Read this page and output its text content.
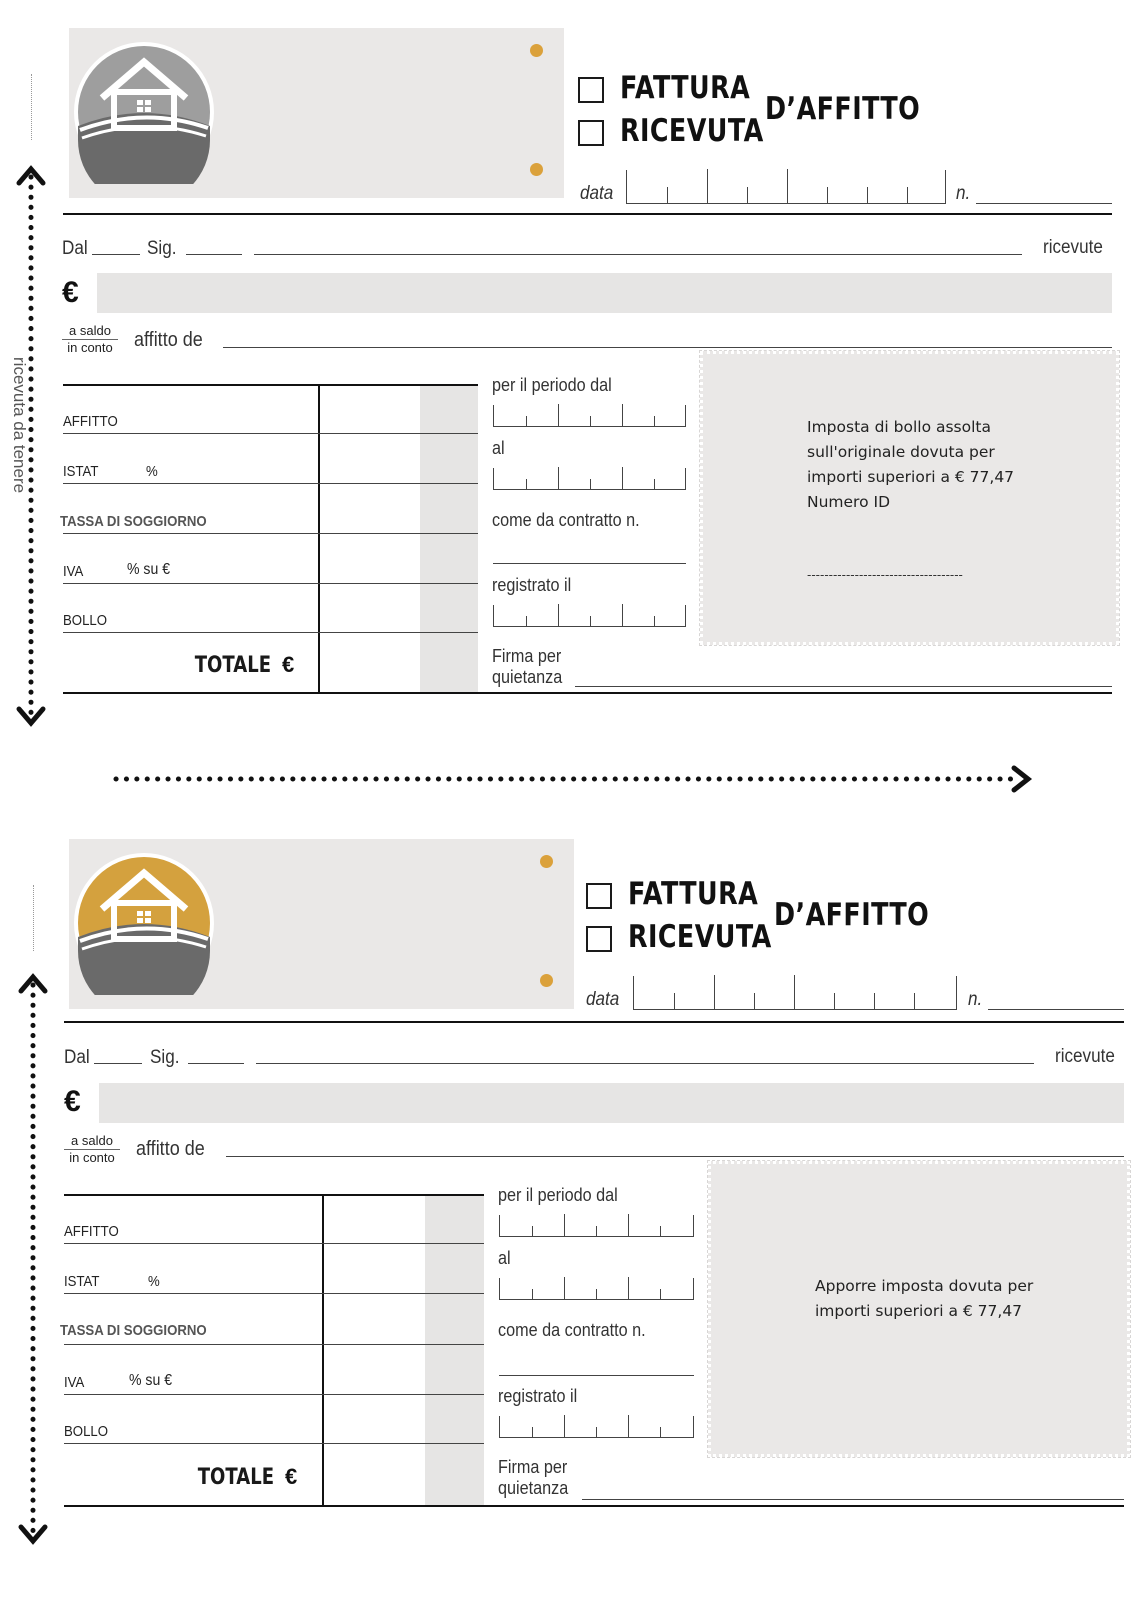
FATTURA
RICEVUTA
D’AFFITTO
data	n.
Dal	Sig.	ricevute
€
a saldo
in conto affitto de
AFFITTO
ISTAT	%
TASSA DI SOGGIORNO
IVA	% su €
BOLLO
TOTALE €
per il periodo dal
al
come da contratto n.
registrato il
Firma per
quietanza
Imposta di bollo assolta
sull'originale dovuta per
importi superiori a € 77,47
Numero ID
------------------------------------
ricevuta da tenere
FATTURA
RICEVUTA
D’AFFITTO
data	n.
Dal	Sig.	ricevute
€
a saldo
in conto affitto de
AFFITTO
ISTAT	%
TASSA DI SOGGIORNO
IVA	% su €
BOLLO
TOTALE €
per il periodo dal
al
come da contratto n.
registrato il
Firma per
quietanza
Apporre imposta dovuta per
importi superiori a € 77,47
